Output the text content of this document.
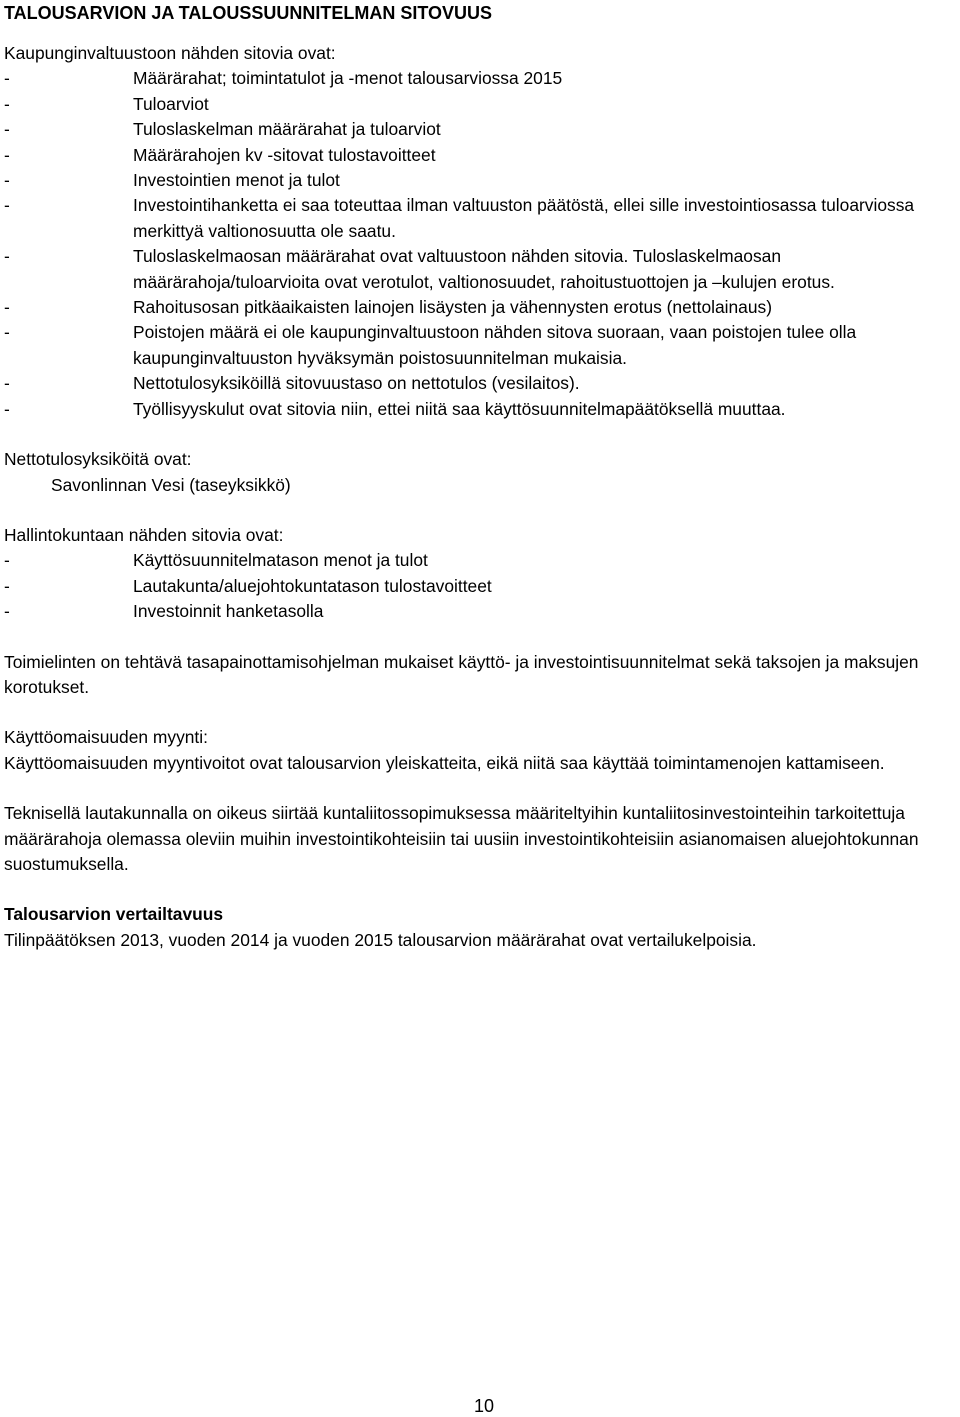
TALOUSARVION JA TALOUSSUUNNITELMAN SITOVUUS

Kaupunginvaltuustoon nähden sitovia ovat:

-	Määrärahat; toimintatulot ja -menot talousarviossa 2015
-	Tuloarviot
-	Tuloslaskelman määrärahat ja tuloarviot
-	Määrärahojen kv -sitovat tulostavoitteet
-	Investointien menot ja tulot
-	Investointihanketta ei saa toteuttaa ilman valtuuston päätöstä, ellei sille investointiosassa tuloarviossa merkittyä valtionosuutta ole saatu.
-	Tuloslaskelmaosan määrärahat ovat valtuustoon nähden sitovia. Tuloslaskelmaosan määrärahoja/tuloarvioita ovat verotulot, valtionosuudet, rahoitustuottojen ja –kulujen erotus.
-	Rahoitusosan pitkäaikaisten lainojen lisäysten ja vähennysten erotus (nettolainaus)
-	Poistojen määrä ei ole kaupunginvaltuustoon nähden sitova suoraan, vaan poistojen tulee olla kaupunginvaltuuston hyväksymän poistosuunnitelman mukaisia.
-	Nettotulosyksiköillä sitovuustaso on nettotulos (vesilaitos).
-	Työllisyyskulut ovat sitovia niin, ettei niitä saa käyttösuunnitelmapäätöksellä muuttaa.

Nettotulosyksiköitä ovat:

Savonlinnan Vesi (taseyksikkö)

Hallintokuntaan nähden sitovia ovat:

-	Käyttösuunnitelmatason menot ja tulot
-	Lautakunta/aluejohtokuntatason tulostavoitteet
-	Investoinnit hanketasolla

Toimielinten on tehtävä tasapainottamisohjelman mukaiset käyttö- ja investointisuunnitelmat sekä taksojen ja maksujen korotukset.

Käyttöomaisuuden myynti:

Käyttöomaisuuden myyntivoitot ovat talousarvion yleiskatteita, eikä niitä saa käyttää toimintamenojen kattamiseen.

Teknisellä lautakunnalla on oikeus siirtää kuntaliitossopimuksessa määriteltyihin kuntaliitosinvestointeihin tarkoitettuja määrärahoja olemassa oleviin muihin investointikohteisiin tai uusiin investointikohteisiin asianomaisen aluejohtokunnan suostumuksella.

Talousarvion vertailtavuus

Tilinpäätöksen 2013, vuoden 2014 ja vuoden 2015 talousarvion määrärahat ovat vertailukelpoisia.

10
